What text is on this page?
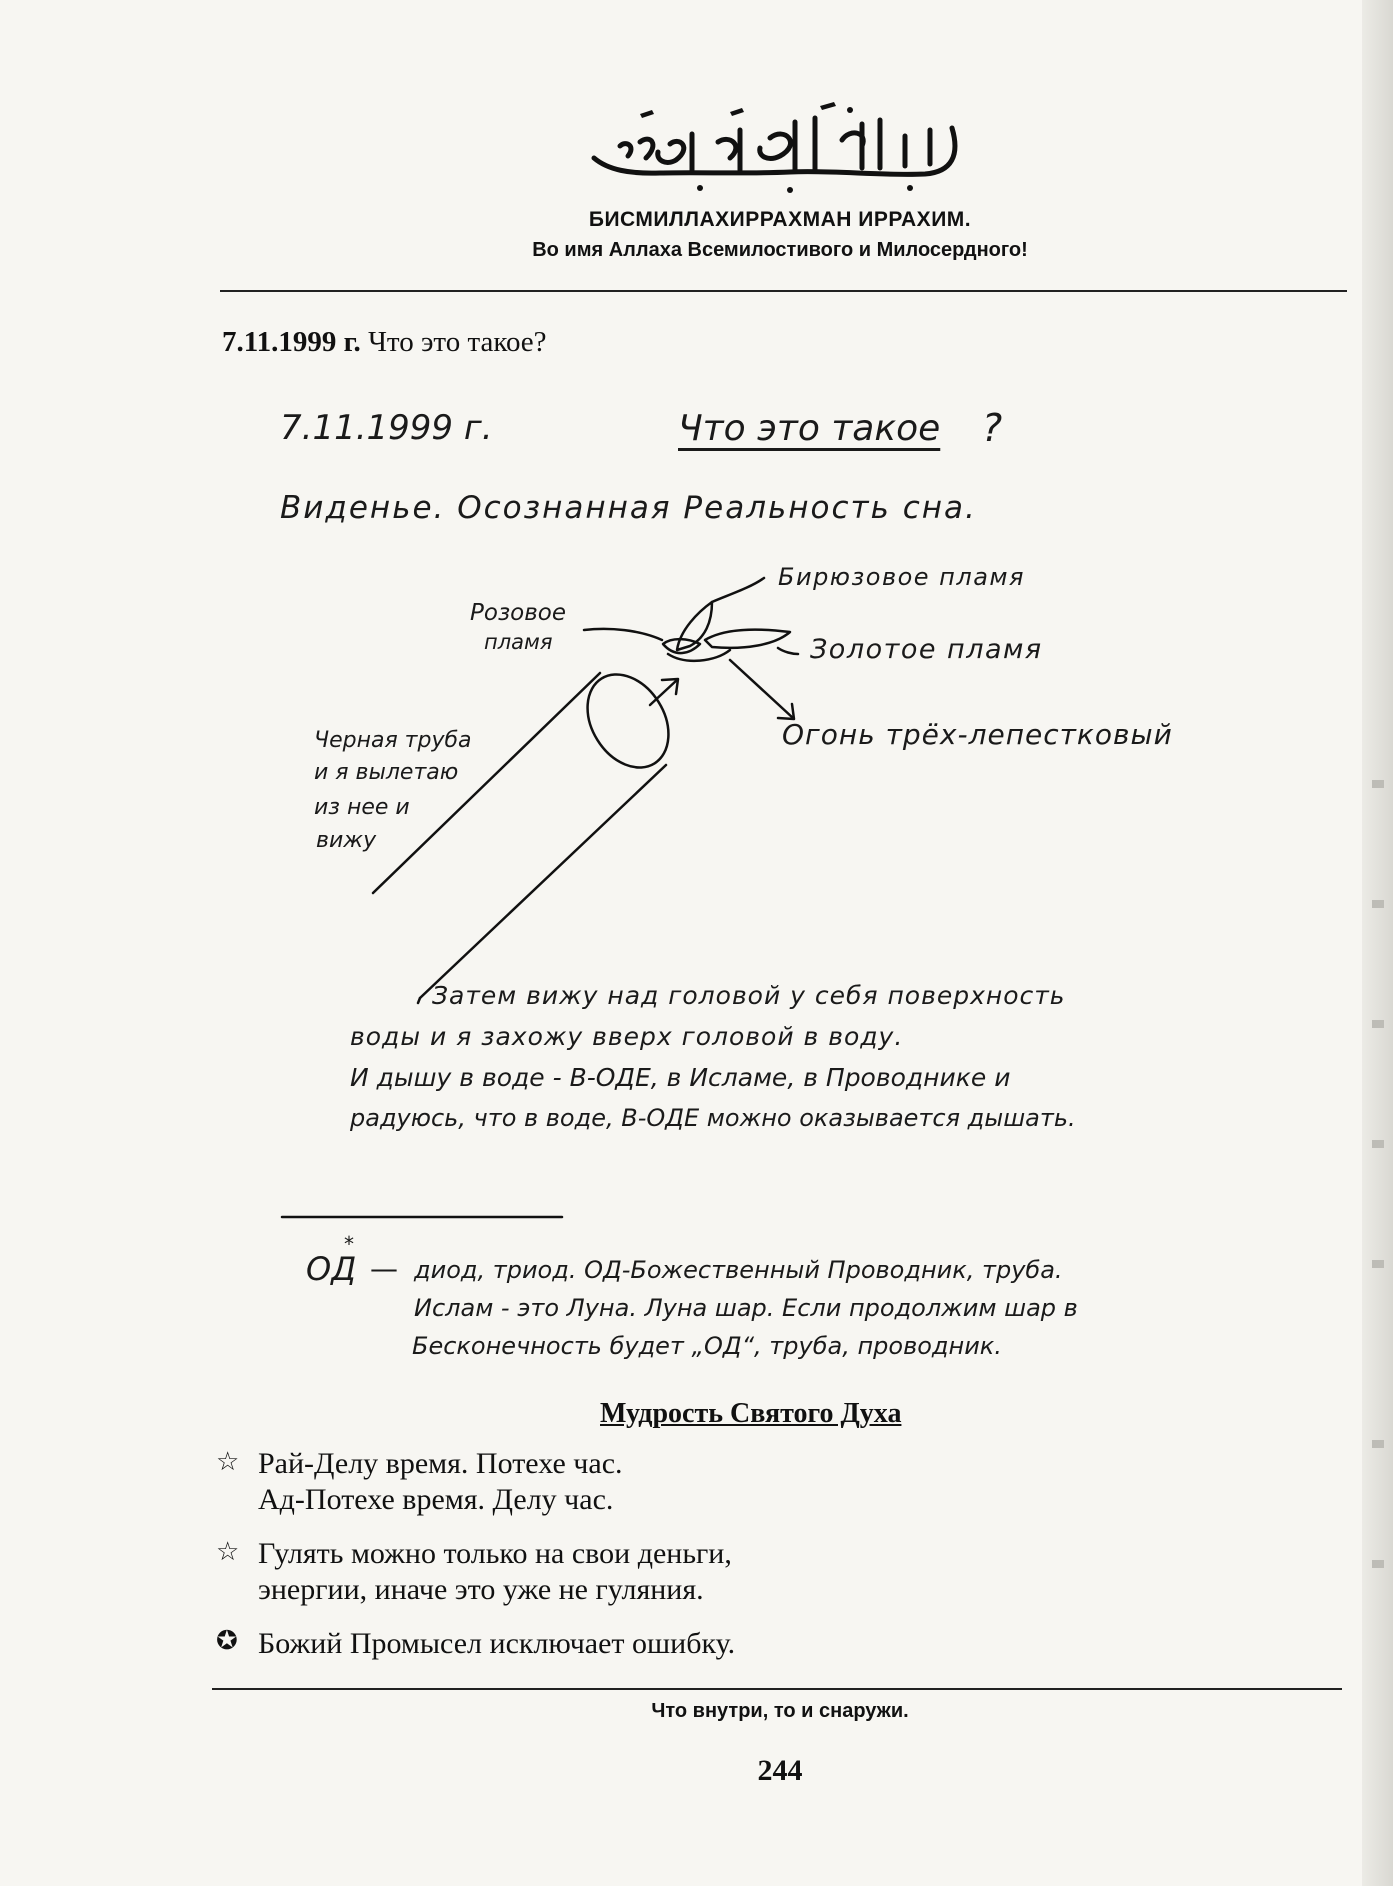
БИСМИЛЛАХИРРАХМАН ИРРАХИМ.
Во имя Аллаха Всемилостивого и Милосердного!
7.11.1999 г. Что это такое?
7.11.1999 г.	Что это такое ?
Виденье. Осознанная Реальность сна.
Бирюзовое пламя
Розовое
пламя	Золотое пламя
Огонь трёх-лепестковый
Черная труба
и я вылетаю
из нее и
вижу
Затем вижу над головой у себя поверхность
воды и я захожу вверх головой в воду.
И дышу в воде - В-ОДЕ, в Исламе, в Проводнике и
радуюсь, что в воде, В-ОДЕ можно оказывается дышать.
ОД
*
— диод, триод. ОД-Божественный Проводник, труба.
Ислам - это Луна. Луна шар. Если продолжим шар в
Бесконечность будет „ОД“, труба, проводник.
Мудрость Святого Духа
☆ Рай-Делу время. Потехе час.
Ад-Потехе время. Делу час.
☆ Гулять можно только на свои деньги,
энергии, иначе это уже не гуляния.
✪ Божий Промысел исключает ошибку.
Что внутри, то и снаружи.
244
